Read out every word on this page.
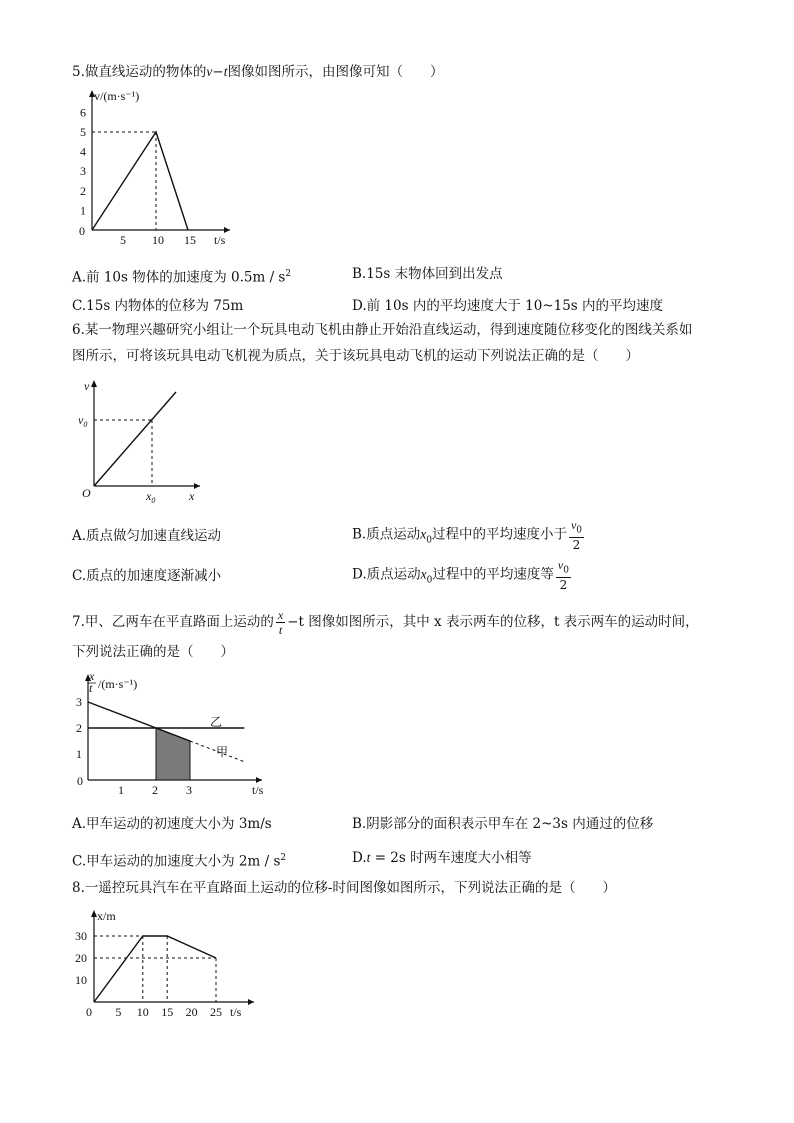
5.做直线运动的物体的v−t图像如图所示，由图像可知（　　）
v/(m·s⁻¹)
t/s
0
1
2
3
4
5
6
5 10 15
A.前 10s 物体的加速度为 $0.5m / s^2$	B.15s 末物体回到出发点
C.15s 内物体的位移为 75m	D.前 10s 内的平均速度大于 10~15s 内的平均速度
6.某一物理兴趣研究小组让一个玩具电动飞机由静止开始沿直线运动，得到速度随位移变化的图线关系如
图所示，可将该玩具电动飞机视为质点，关于该玩具电动飞机的运动下列说法正确的是（　　）
v
x
O
$v_0$
$x_0$
A.质点做匀加速直线运动	B.质点运动$x_0$过程中的平均速度小于 $\frac{v_0}{2}$
C.质点的加速度逐渐减小	D.质点运动$x_0$过程中的平均速度等 $\frac{v_0}{2}$
7.甲、乙两车在平直路面上运动的 $\frac{x}{t} -t$ 图像如图所示，其中 x 表示两车的位移，t 表示两车的运动时间，
下列说法正确的是（　　）
x
t /(m·s⁻¹)
t/s
0
1
2
3
1 2 3
乙
甲
A.甲车运动的初速度大小为 3m/s	B.阴影部分的面积表示甲车在 2~3s 内通过的位移
C.甲车运动的加速度大小为 $2m / s^2$	D.t = 2s 时两车速度大小相等
8.一遥控玩具汽车在平直路面上运动的位移-时间图像如图所示，下列说法正确的是（　　）
x/m
t/s
0
10
20
30
5 10 15 20 25
